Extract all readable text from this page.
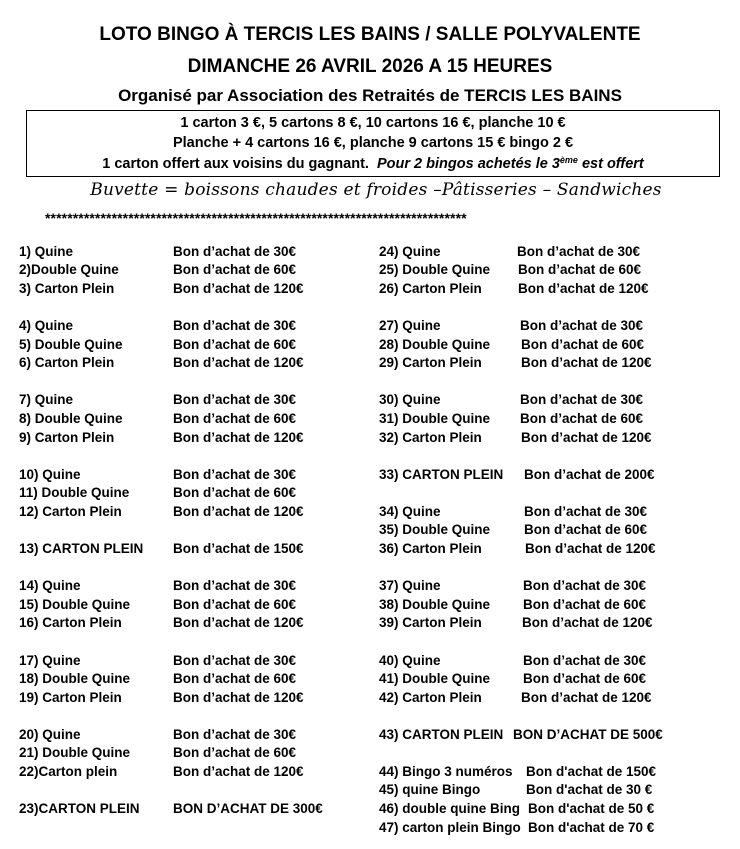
LOTO BINGO À TERCIS LES BAINS / SALLE POLYVALENTE
DIMANCHE 26 AVRIL 2026 A 15 HEURES
Organisé par Association des Retraités de TERCIS LES BAINS
1 carton 3 €, 5 cartons 8 €, 10 cartons 16 €, planche 10 €
Planche + 4 cartons 16 €, planche 9 cartons 15 € bingo 2 €
1 carton offert aux voisins du gagnant. Pour 2 bingos achetés le 3ème est offert
Buvette = boissons chaudes et froides –Pâtisseries – Sandwiches
****************************************************************************
1) Quine	Bon d’achat de 30€
2)Double Quine	Bon d’achat de 60€
3) Carton Plein	Bon d’achat de 120€
4) Quine	Bon d’achat de 30€
5) Double Quine	Bon d’achat de 60€
6) Carton Plein	Bon d’achat de 120€
7) Quine	Bon d’achat de 30€
8) Double Quine	Bon d’achat de 60€
9) Carton Plein	Bon d’achat de 120€
10) Quine	Bon d’achat de 30€
11) Double Quine	Bon d’achat de 60€
12) Carton Plein	Bon d’achat de 120€
13) CARTON PLEIN Bon d’achat de 150€
14) Quine	Bon d’achat de 30€
15) Double Quine	Bon d’achat de 60€
16) Carton Plein	Bon d’achat de 120€
17) Quine	Bon d’achat de 30€
18) Double Quine	Bon d’achat de 60€
19) Carton Plein	Bon d’achat de 120€
20) Quine	Bon d’achat de 30€
21) Double Quine	Bon d’achat de 60€
22)Carton plein	Bon d’achat de 120€
23)CARTON PLEIN BON D’ACHAT DE 300€
24) Quine	Bon d’achat de 30€
25) Double Quine Bon d’achat de 60€
26) Carton Plein	Bon d’achat de 120€
27) Quine	Bon d’achat de 30€
28) Double Quine Bon d’achat de 60€
29) Carton Plein	Bon d’achat de 120€
30) Quine	Bon d’achat de 30€
31) Double Quine Bon d’achat de 60€
32) Carton Plein	Bon d’achat de 120€
33) CARTON PLEIN Bon d’achat de 200€
34) Quine	Bon d’achat de 30€
35) Double Quine	Bon d’achat de 60€
36) Carton Plein	Bon d’achat de 120€
37) Quine	Bon d’achat de 30€
38) Double Quine Bon d’achat de 60€
39) Carton Plein	Bon d’achat de 120€
40) Quine	Bon d’achat de 30€
41) Double Quine Bon d’achat de 60€
42) Carton Plein	Bon d’achat de 120€
43) CARTON PLEIN BON D’ACHAT DE 500€
44) Bingo 3 numéros Bon d'achat de 150€
45) quine Bingo	Bon d'achat de 30 €
46) double quine Bing Bon d'achat de 50 €
47) carton plein Bingo Bon d'achat de 70 €
